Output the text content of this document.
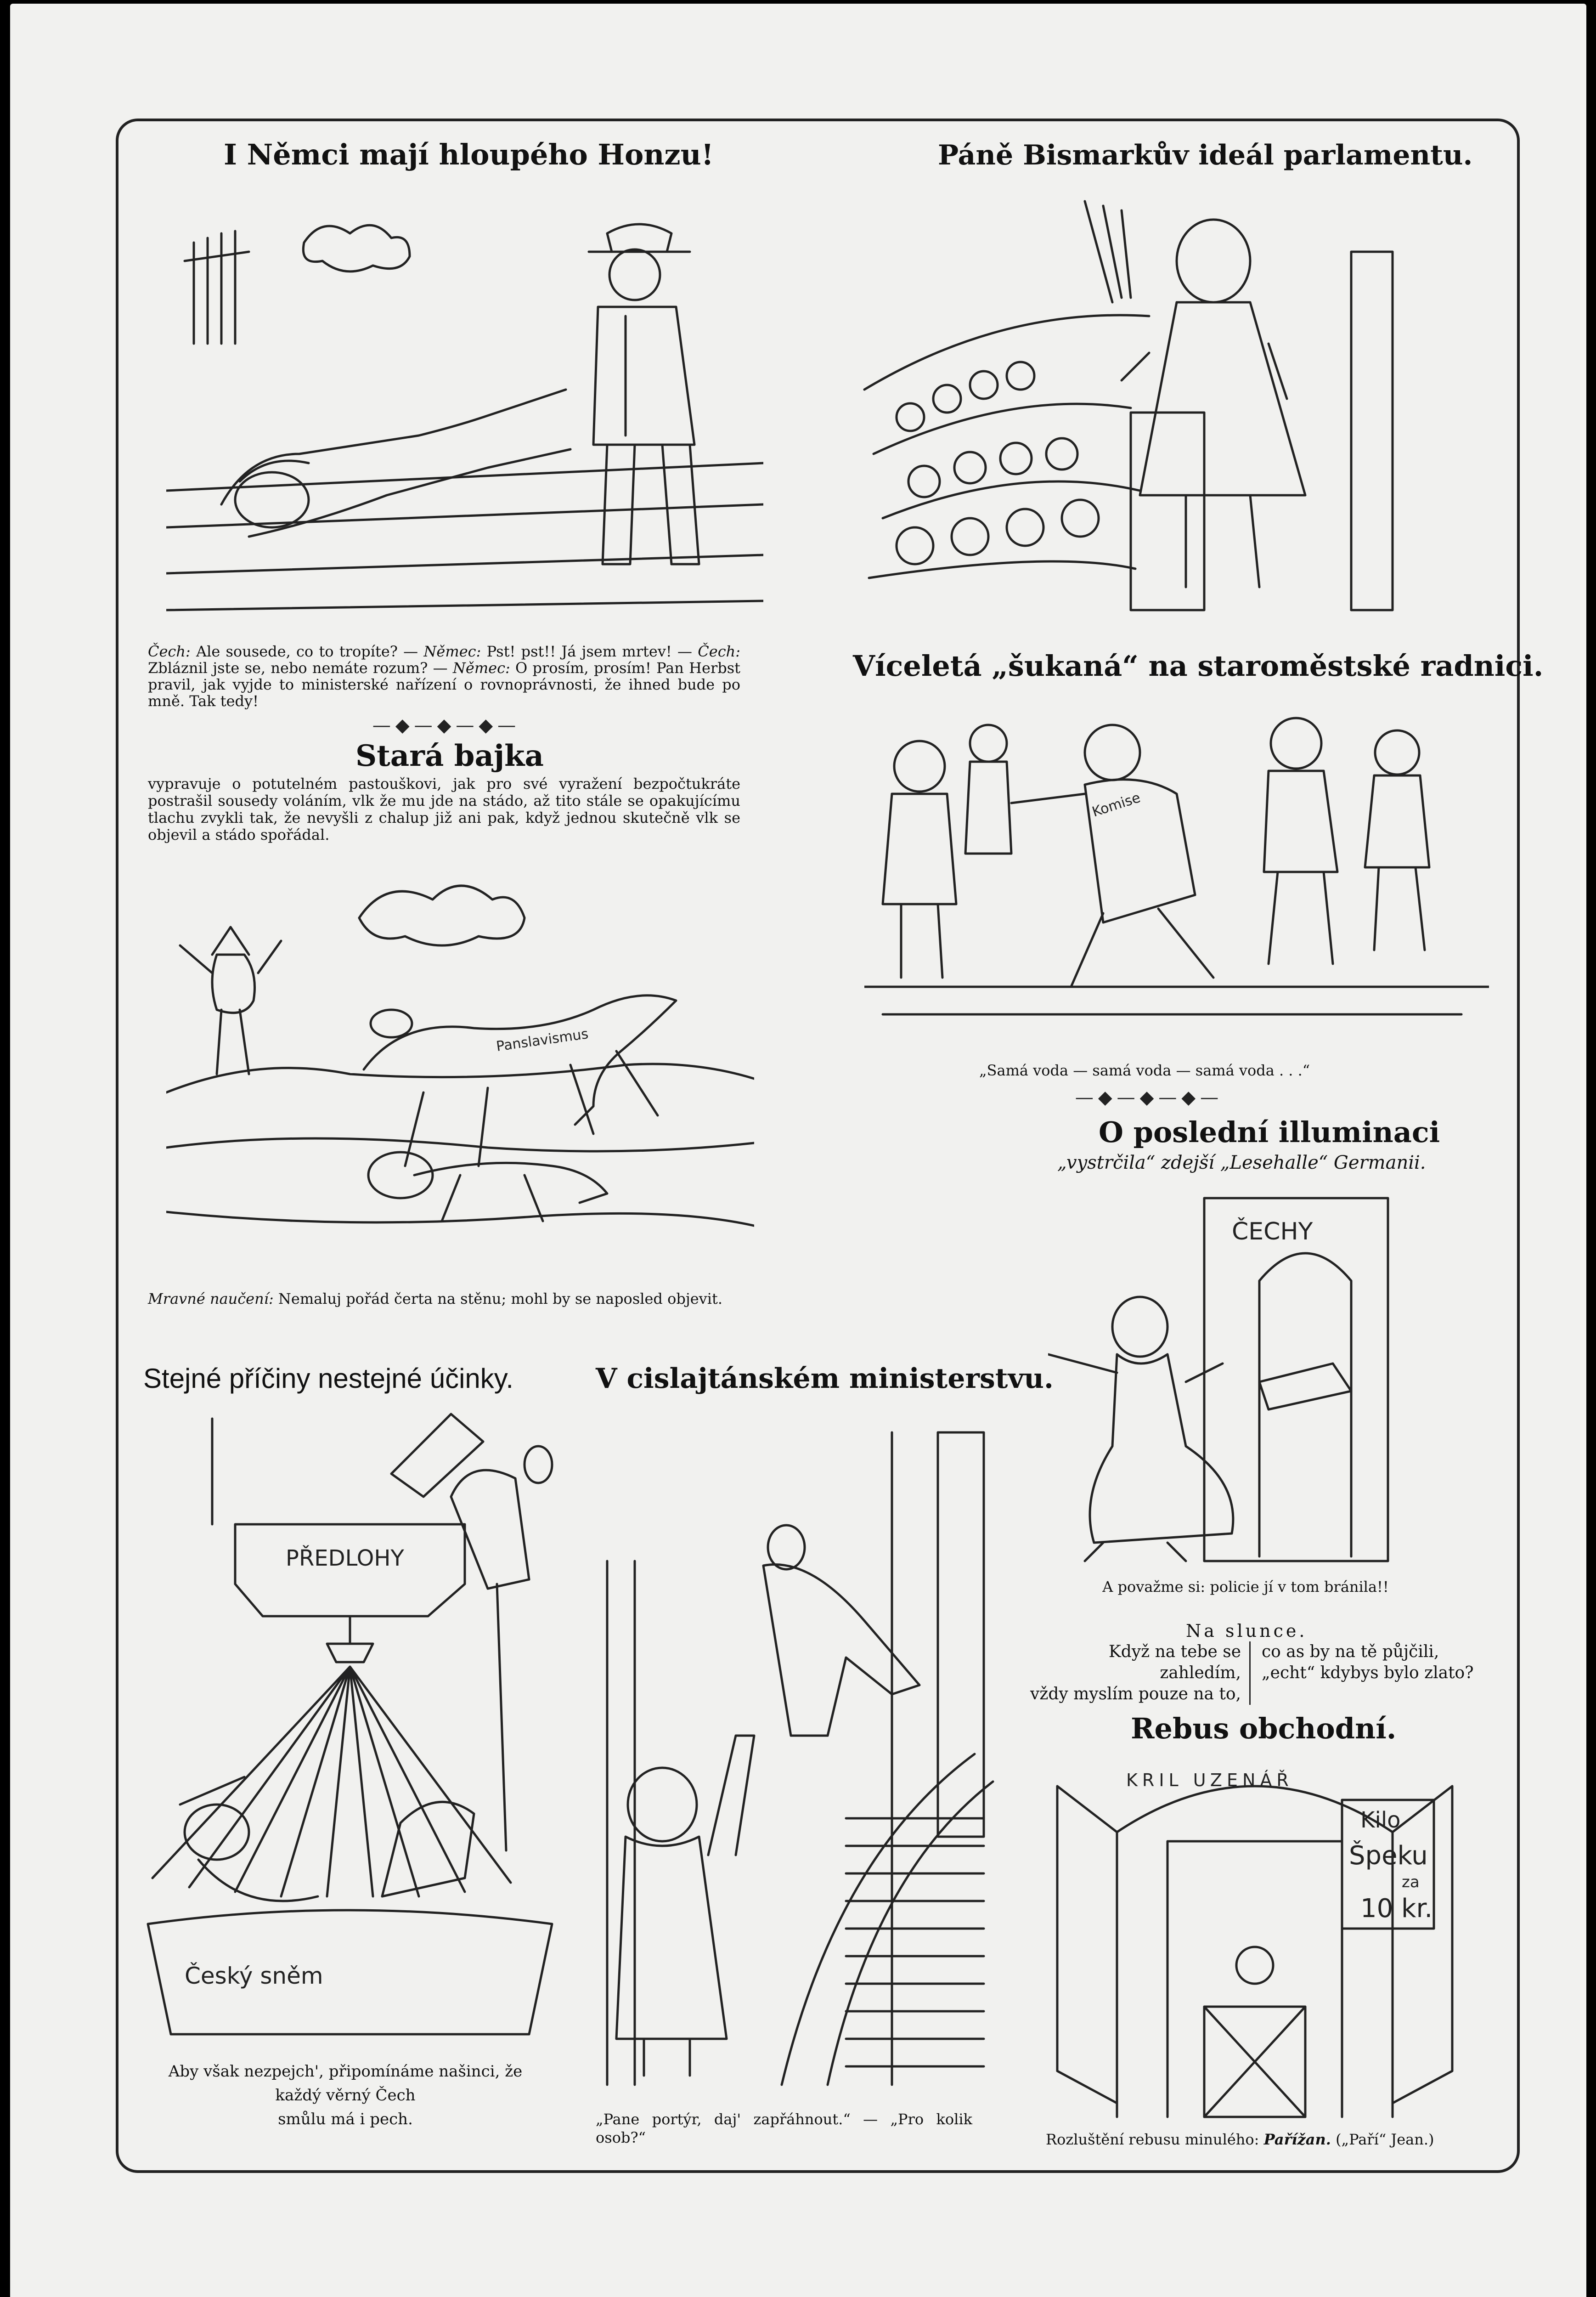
I Němci mají hloupého Honzu!
Čech: Ale sousede, co to tropíte? — Němec: Pst! pst!! Já jsem mrtev! — Čech: Zbláznil jste se, nebo nemáte rozum? — Němec: O prosím, prosím! Pan Herbst pravil, jak vyjde to ministerské nařízení o rovnoprávnosti, že ihned bude po mně. Tak tedy!
—◆—◆—◆—
Stará bajka
vypravuje o potutelném pastouškovi, jak pro své vyražení bezpočtukráte postrašil sousedy voláním, vlk že mu jde na stádo, až tito stále se opakujícímu tlachu zvykli tak, že nevyšli z chalup již ani pak, když jednou skutečně vlk se objevil a stádo spořádal.
Panslavismus
Mravné naučení: Nemaluj pořád čerta na stěnu; mohl by se naposled objevit.
Páně Bismarkův ideál parlamentu.
Víceletá „šukaná“ na staroměstské radnici.
Komise
„Samá voda — samá voda — samá voda . . .“
—◆—◆—◆—
O poslední illuminaci
„vystrčila“ zdejší „Lesehalle“ Germanii.
ČECHY
A považme si: policie jí v tom bránila!!
Na slunce.
Když na tebe se zahledím,
vždy myslím pouze na to,
co as by na tě půjčili,
„echt“ kdybys bylo zlato?
Rebus obchodní.
KRIL UZENÁŘ
Kilo
Špeku
za
10 kr.
Rozluštění rebusu minulého: Pařížan. („Paří“ Jean.)
Stejné příčiny nestejné účinky.
PŘEDLOHY
Český sněm
Aby však nezpejch', připomínáme našinci, že
každý věrný Čech
smůlu má i pech.
V cislajtánském ministerstvu.
„Pane portýr, daj' zapřáhnout.“ — „Pro kolik osob?“
